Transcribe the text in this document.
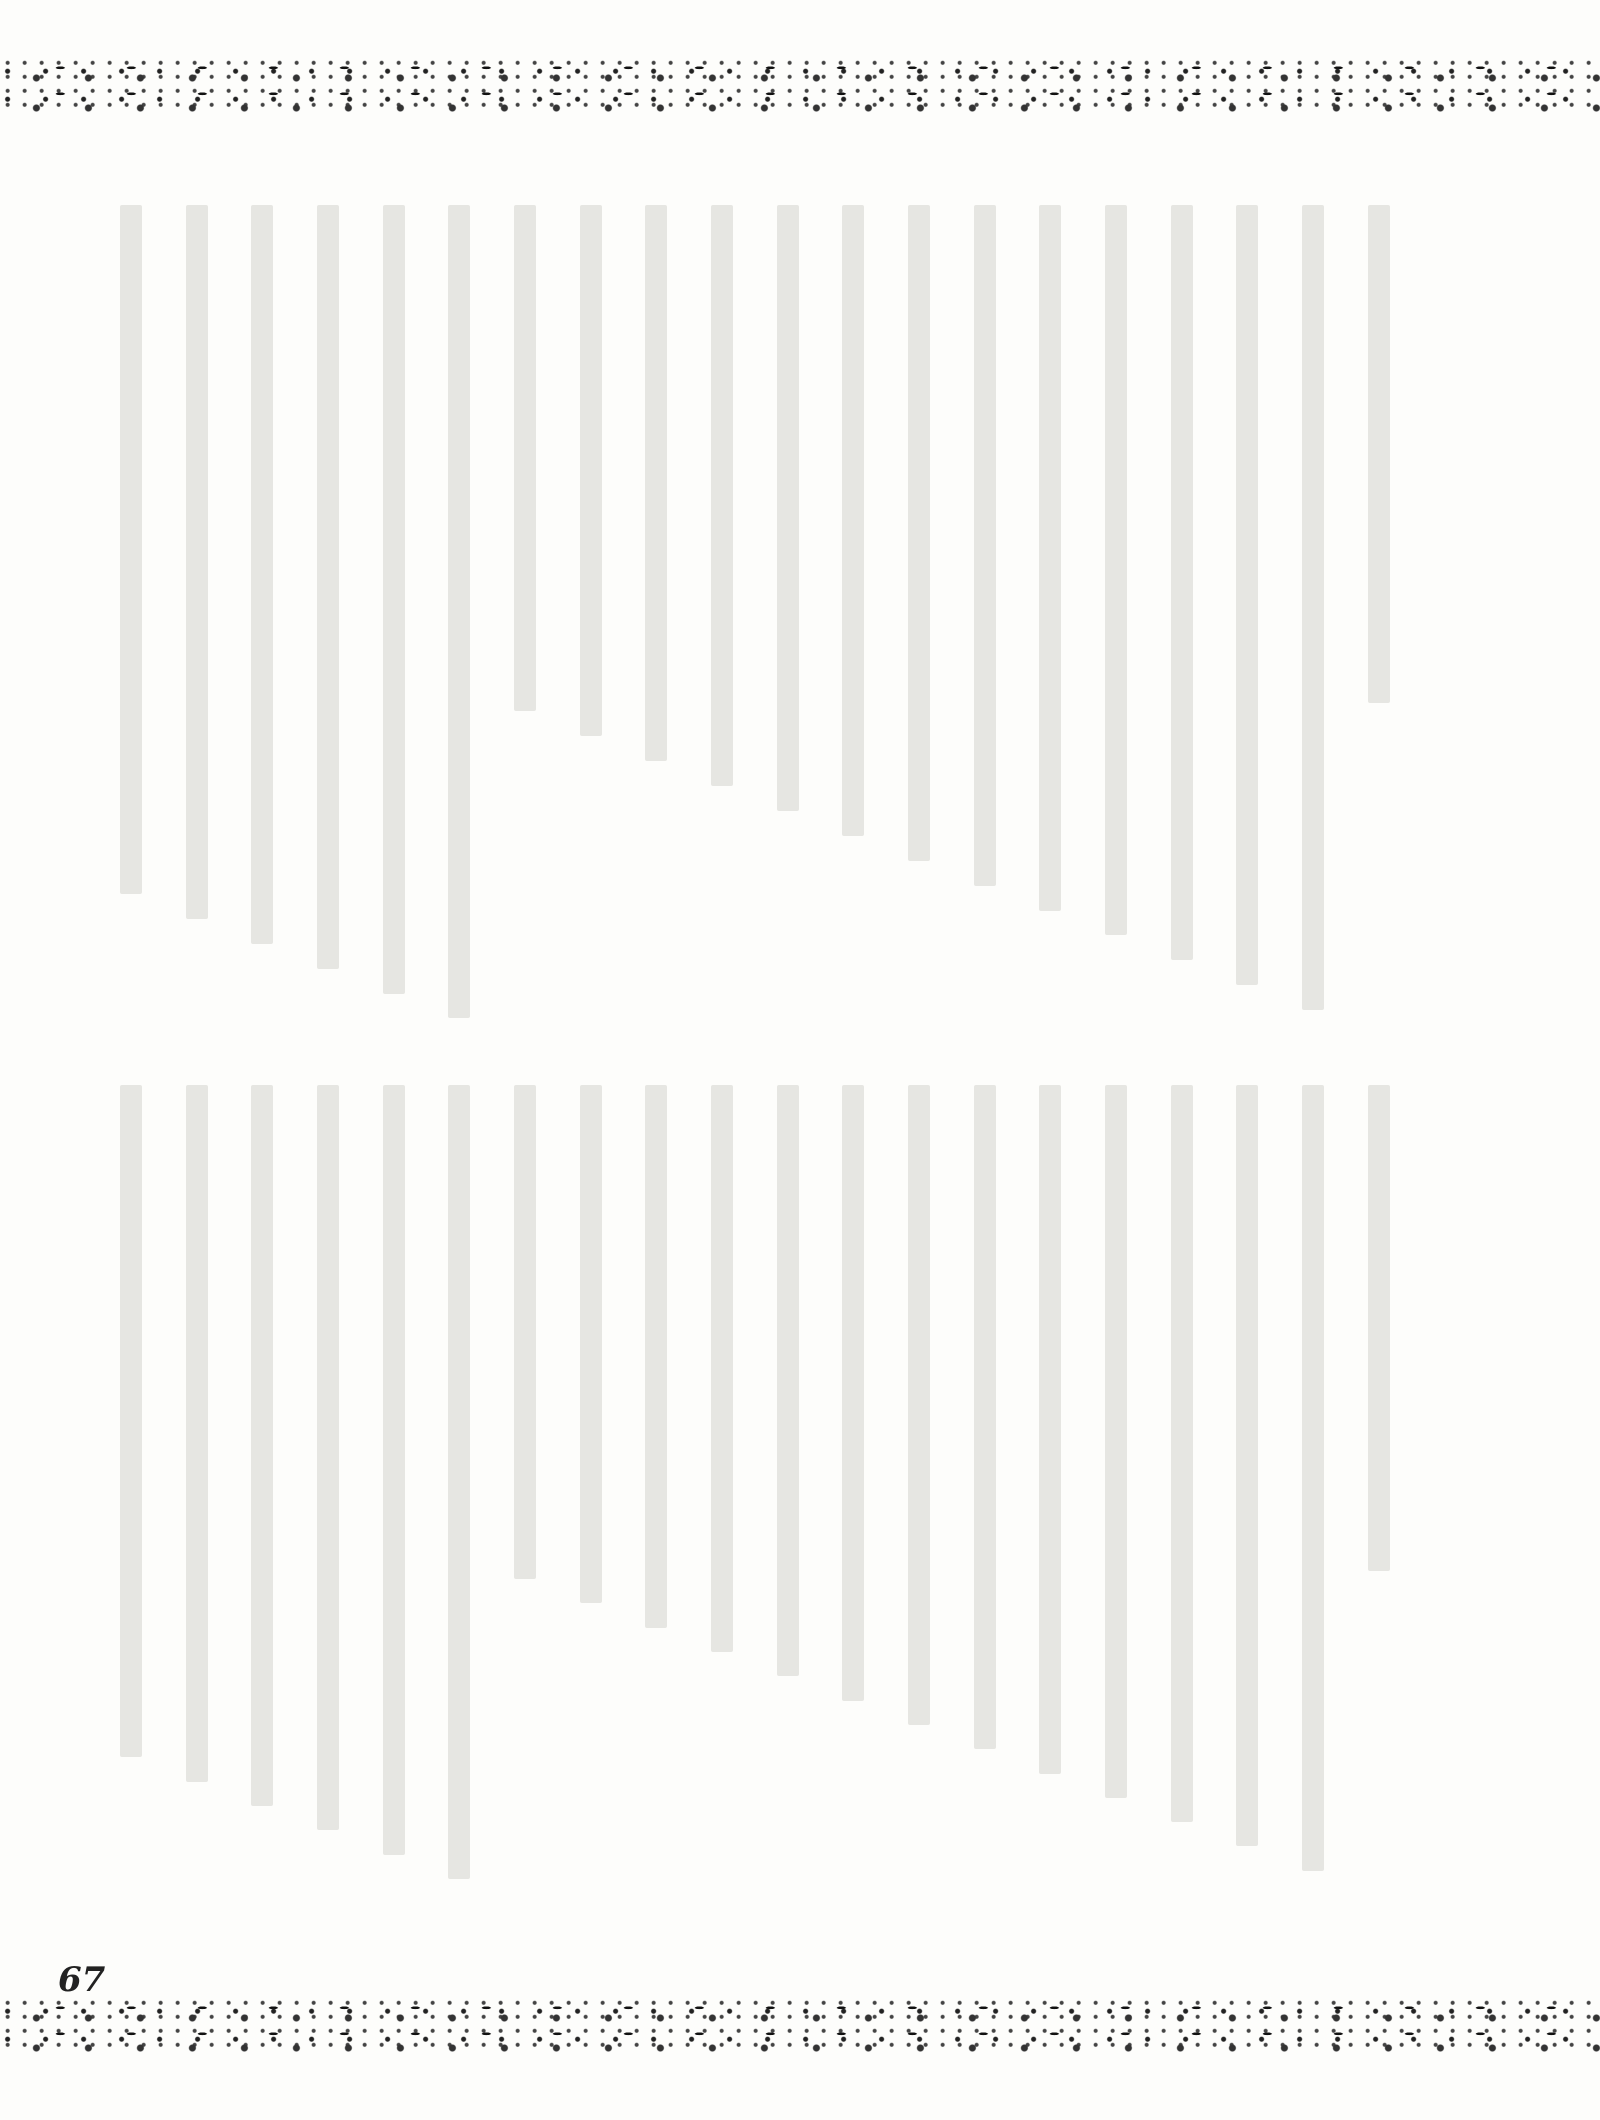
67
